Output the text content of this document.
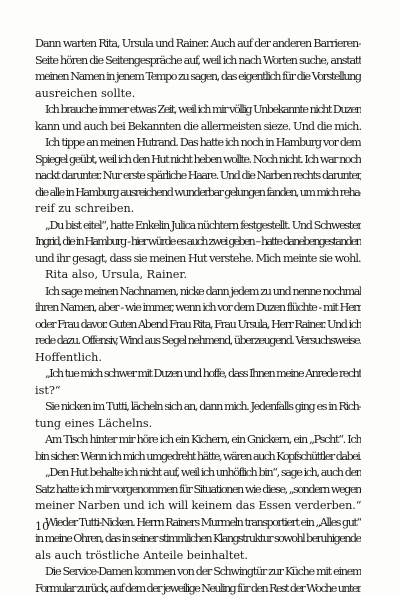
Dann warten Rita, Ursula und Rainer. Auch auf der anderen Barrieren-
Seite hören die Seitengespräche auf, weil ich nach Worten suche, anstatt
meinen Namen in jenem Tempo zu sagen, das eigentlich für die Vorstellung
ausreichen sollte.
Ich brauche immer etwas Zeit, weil ich mir völlig Unbekannte nicht Duzen
kann und auch bei Bekannten die allermeisten sieze. Und die mich.
Ich tippe an meinen Hutrand. Das hatte ich noch in Hamburg vor dem
Spiegel geübt, weil ich den Hut nicht heben wollte. Noch nicht. Ich war noch
nackt darunter. Nur erste spärliche Haare. Und die Narben rechts darunter,
die alle in Hamburg ausreichend wunderbar gelungen fanden, um mich reha-
reif zu schreiben.
„Du bist eitel“, hatte Enkelin Julica nüchtern festgestellt. Und Schwester
Ingrid, die in Hamburg - hier würde es auch zwei geben – hatte danebengestanden
und ihr gesagt, dass sie meinen Hut verstehe. Mich meinte sie wohl.
Rita also, Ursula, Rainer.
Ich sage meinen Nachnamen, nicke dann jedem zu und nenne nochmal
ihren Namen, aber - wie immer, wenn ich vor dem Duzen flüchte - mit Herr
oder Frau davor. Guten Abend Frau Rita, Frau Ursula, Herr Rainer. Und ich
rede dazu. Offensiv, Wind aus Segel nehmend, überzeugend. Versuchsweise.
Hoffentlich.
„Ich tue mich schwer mit Duzen und hoffe, dass Ihnen meine Anrede recht
ist?“
Sie nicken im Tutti, lächeln sich an, dann mich. Jedenfalls ging es in Rich-
tung eines Lächelns.
Am Tisch hinter mir höre ich ein Kichern, ein Gnickern, ein „Pscht“. Ich
bin sicher: Wenn ich mich umgedreht hätte, wären auch Kopfschüttler dabei.
„Den Hut behalte ich nicht auf, weil ich unhöflich bin“, sage ich, auch den
Satz hatte ich mir vorgenommen für Situationen wie diese, „sondern wegen
meiner Narben und ich will keinem das Essen verderben.“
Wieder Tutti-Nicken. Herrn Rainers Murmeln transportiert ein „Alles gut“
in meine Ohren, das in seiner stimmlichen Klangstruktur sowohl beruhigende
als auch tröstliche Anteile beinhaltet.
Die Service-Damen kommen von der Schwingtür zur Küche mit einem
Formular zurück, auf dem der jeweilige Neuling für den Rest der Woche unter
10
